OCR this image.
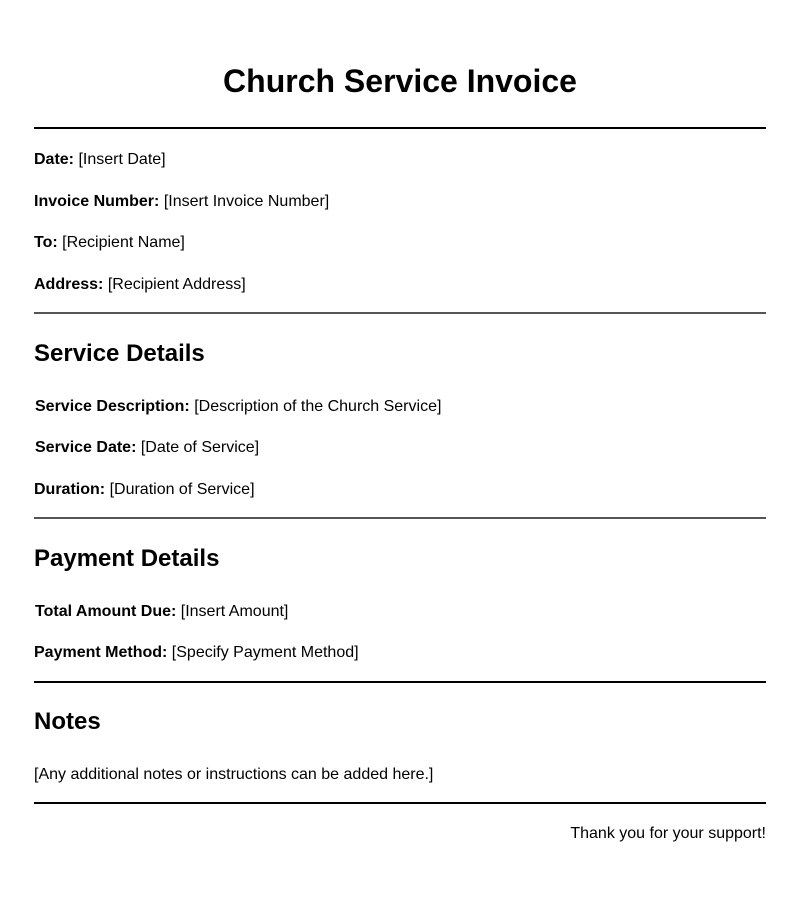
Church Service Invoice
Date: [Insert Date]
Invoice Number: [Insert Invoice Number]
To: [Recipient Name]
Address: [Recipient Address]
Service Details
Service Description: [Description of the Church Service]
Service Date: [Date of Service]
Duration: [Duration of Service]
Payment Details
Total Amount Due: [Insert Amount]
Payment Method: [Specify Payment Method]
Notes
[Any additional notes or instructions can be added here.]
Thank you for your support!
